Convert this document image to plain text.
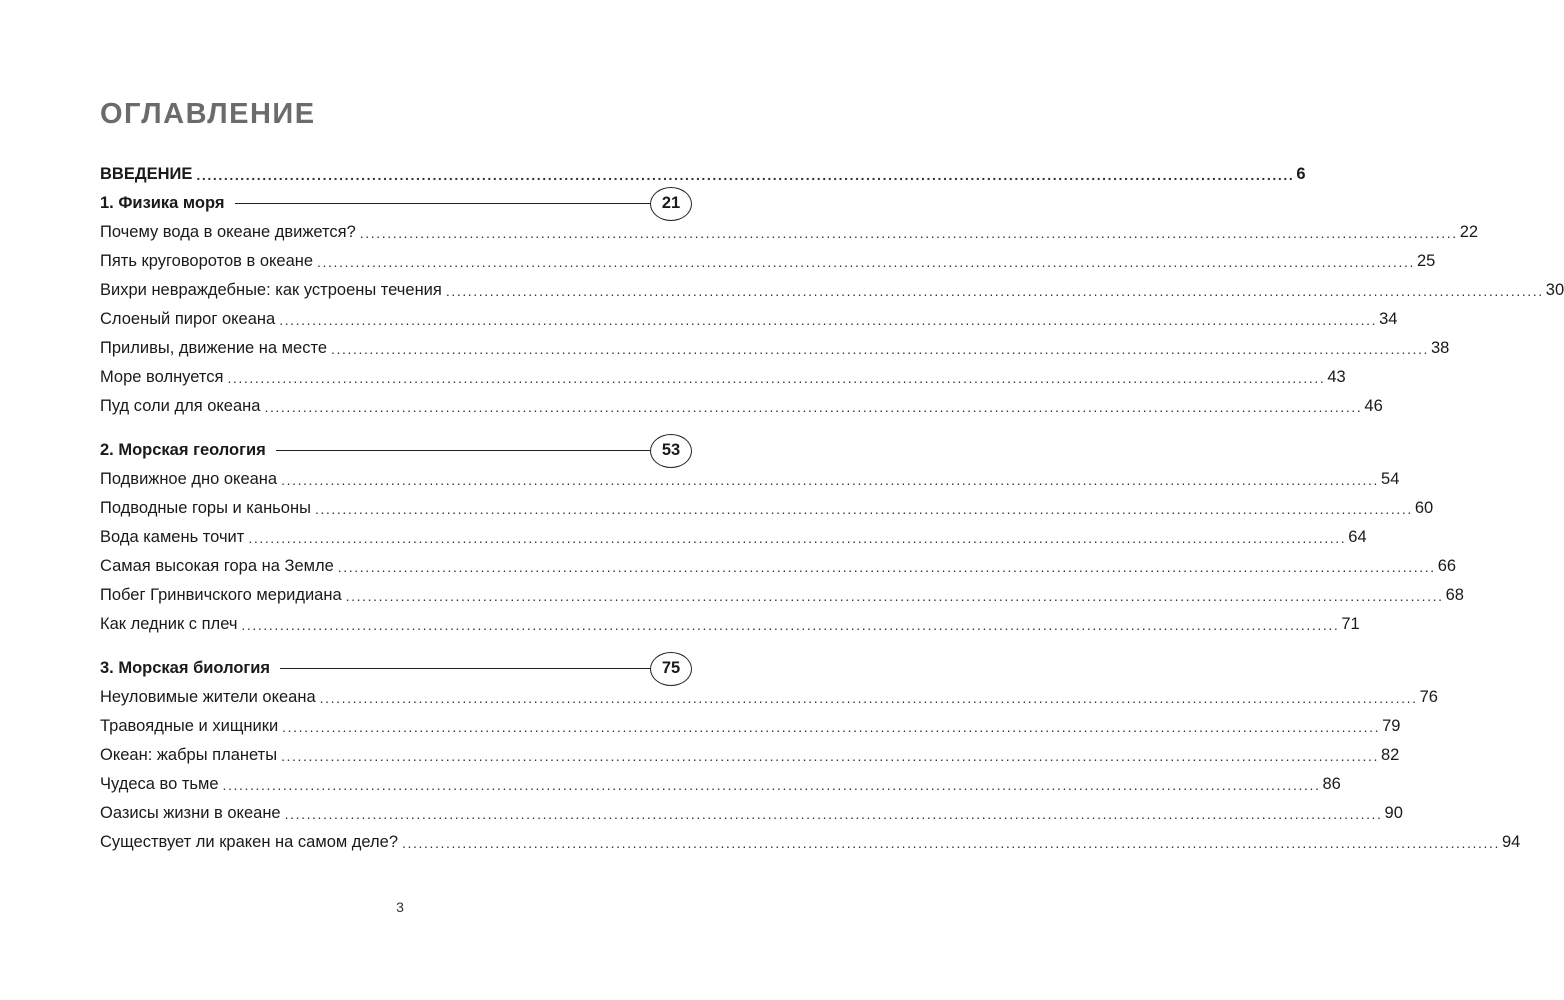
ОГЛАВЛЕНИЕ
ВВЕДЕНИЕ ........................................................................................................................................................................................................ 6
1. Физика моря	21
Почему вода в океане движется? ........................................................................................................................................................................................................ 22
Пять круговоротов в океане ........................................................................................................................................................................................................ 25
Вихри невраждебные: как устроены течения ........................................................................................................................................................................................................ 30
Слоеный пирог океана ........................................................................................................................................................................................................ 34
Приливы, движение на месте ........................................................................................................................................................................................................ 38
Море волнуется ........................................................................................................................................................................................................ 43
Пуд соли для океана ........................................................................................................................................................................................................ 46
2. Морская геология	53
Подвижное дно океана ........................................................................................................................................................................................................ 54
Подводные горы и каньоны ........................................................................................................................................................................................................ 60
Вода камень точит ........................................................................................................................................................................................................ 64
Самая высокая гора на Земле ........................................................................................................................................................................................................ 66
Побег Гринвичского меридиана ........................................................................................................................................................................................................ 68
Как ледник с плеч ........................................................................................................................................................................................................ 71
3. Морская биология	75
Неуловимые жители океана ........................................................................................................................................................................................................ 76
Травоядные и хищники ........................................................................................................................................................................................................ 79
Океан: жабры планеты ........................................................................................................................................................................................................ 82
Чудеса во тьме ........................................................................................................................................................................................................ 86
Оазисы жизни в океане ........................................................................................................................................................................................................ 90
Существует ли кракен на самом деле? ........................................................................................................................................................................................................ 94
3
